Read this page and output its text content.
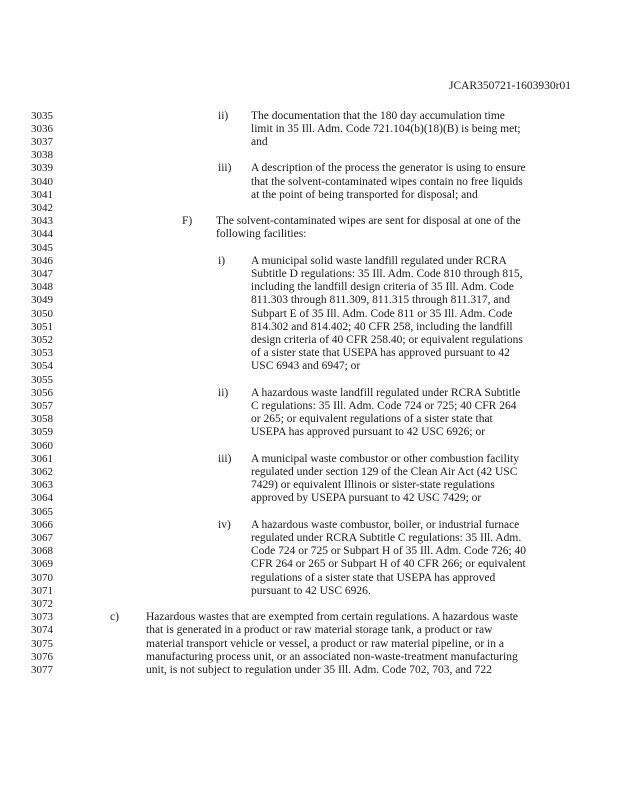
JCAR350721-1603930r01
3035
3036
3037
3038
3039
3040
3041
3042
3043
3044
3045
3046
3047
3048
3049
3050
3051
3052
3053
3054
3055
3056
3057
3058
3059
3060
3061
3062
3063
3064
3065
3066
3067
3068
3069
3070
3071
3072
3073
3074
3075
3076
3077
ii) The documentation that the 180 day accumulation time
limit in 35 Ill. Adm. Code 721.104(b)(18)(B) is being met;
and
iii) A description of the process the generator is using to ensure
that the solvent-contaminated wipes contain no free liquids
at the point of being transported for disposal; and
F) The solvent-contaminated wipes are sent for disposal at one of the
following facilities:
i) A municipal solid waste landfill regulated under RCRA
Subtitle D regulations: 35 Ill. Adm. Code 810 through 815,
including the landfill design criteria of 35 Ill. Adm. Code
811.303 through 811.309, 811.315 through 811.317, and
Subpart E of 35 Ill. Adm. Code 811 or 35 Ill. Adm. Code
814.302 and 814.402; 40 CFR 258, including the landfill
design criteria of 40 CFR 258.40; or equivalent regulations
of a sister state that USEPA has approved pursuant to 42
USC 6943 and 6947; or
ii) A hazardous waste landfill regulated under RCRA Subtitle
C regulations: 35 Ill. Adm. Code 724 or 725; 40 CFR 264
or 265; or equivalent regulations of a sister state that
USEPA has approved pursuant to 42 USC 6926; or
iii) A municipal waste combustor or other combustion facility
regulated under section 129 of the Clean Air Act (42 USC
7429) or equivalent Illinois or sister-state regulations
approved by USEPA pursuant to 42 USC 7429; or
iv) A hazardous waste combustor, boiler, or industrial furnace
regulated under RCRA Subtitle C regulations: 35 Ill. Adm.
Code 724 or 725 or Subpart H of 35 Ill. Adm. Code 726; 40
CFR 264 or 265 or Subpart H of 40 CFR 266; or equivalent
regulations of a sister state that USEPA has approved
pursuant to 42 USC 6926.
c) Hazardous wastes that are exempted from certain regulations. A hazardous waste
that is generated in a product or raw material storage tank, a product or raw
material transport vehicle or vessel, a product or raw material pipeline, or in a
manufacturing process unit, or an associated non-waste-treatment manufacturing
unit, is not subject to regulation under 35 Ill. Adm. Code 702, 703, and 722
